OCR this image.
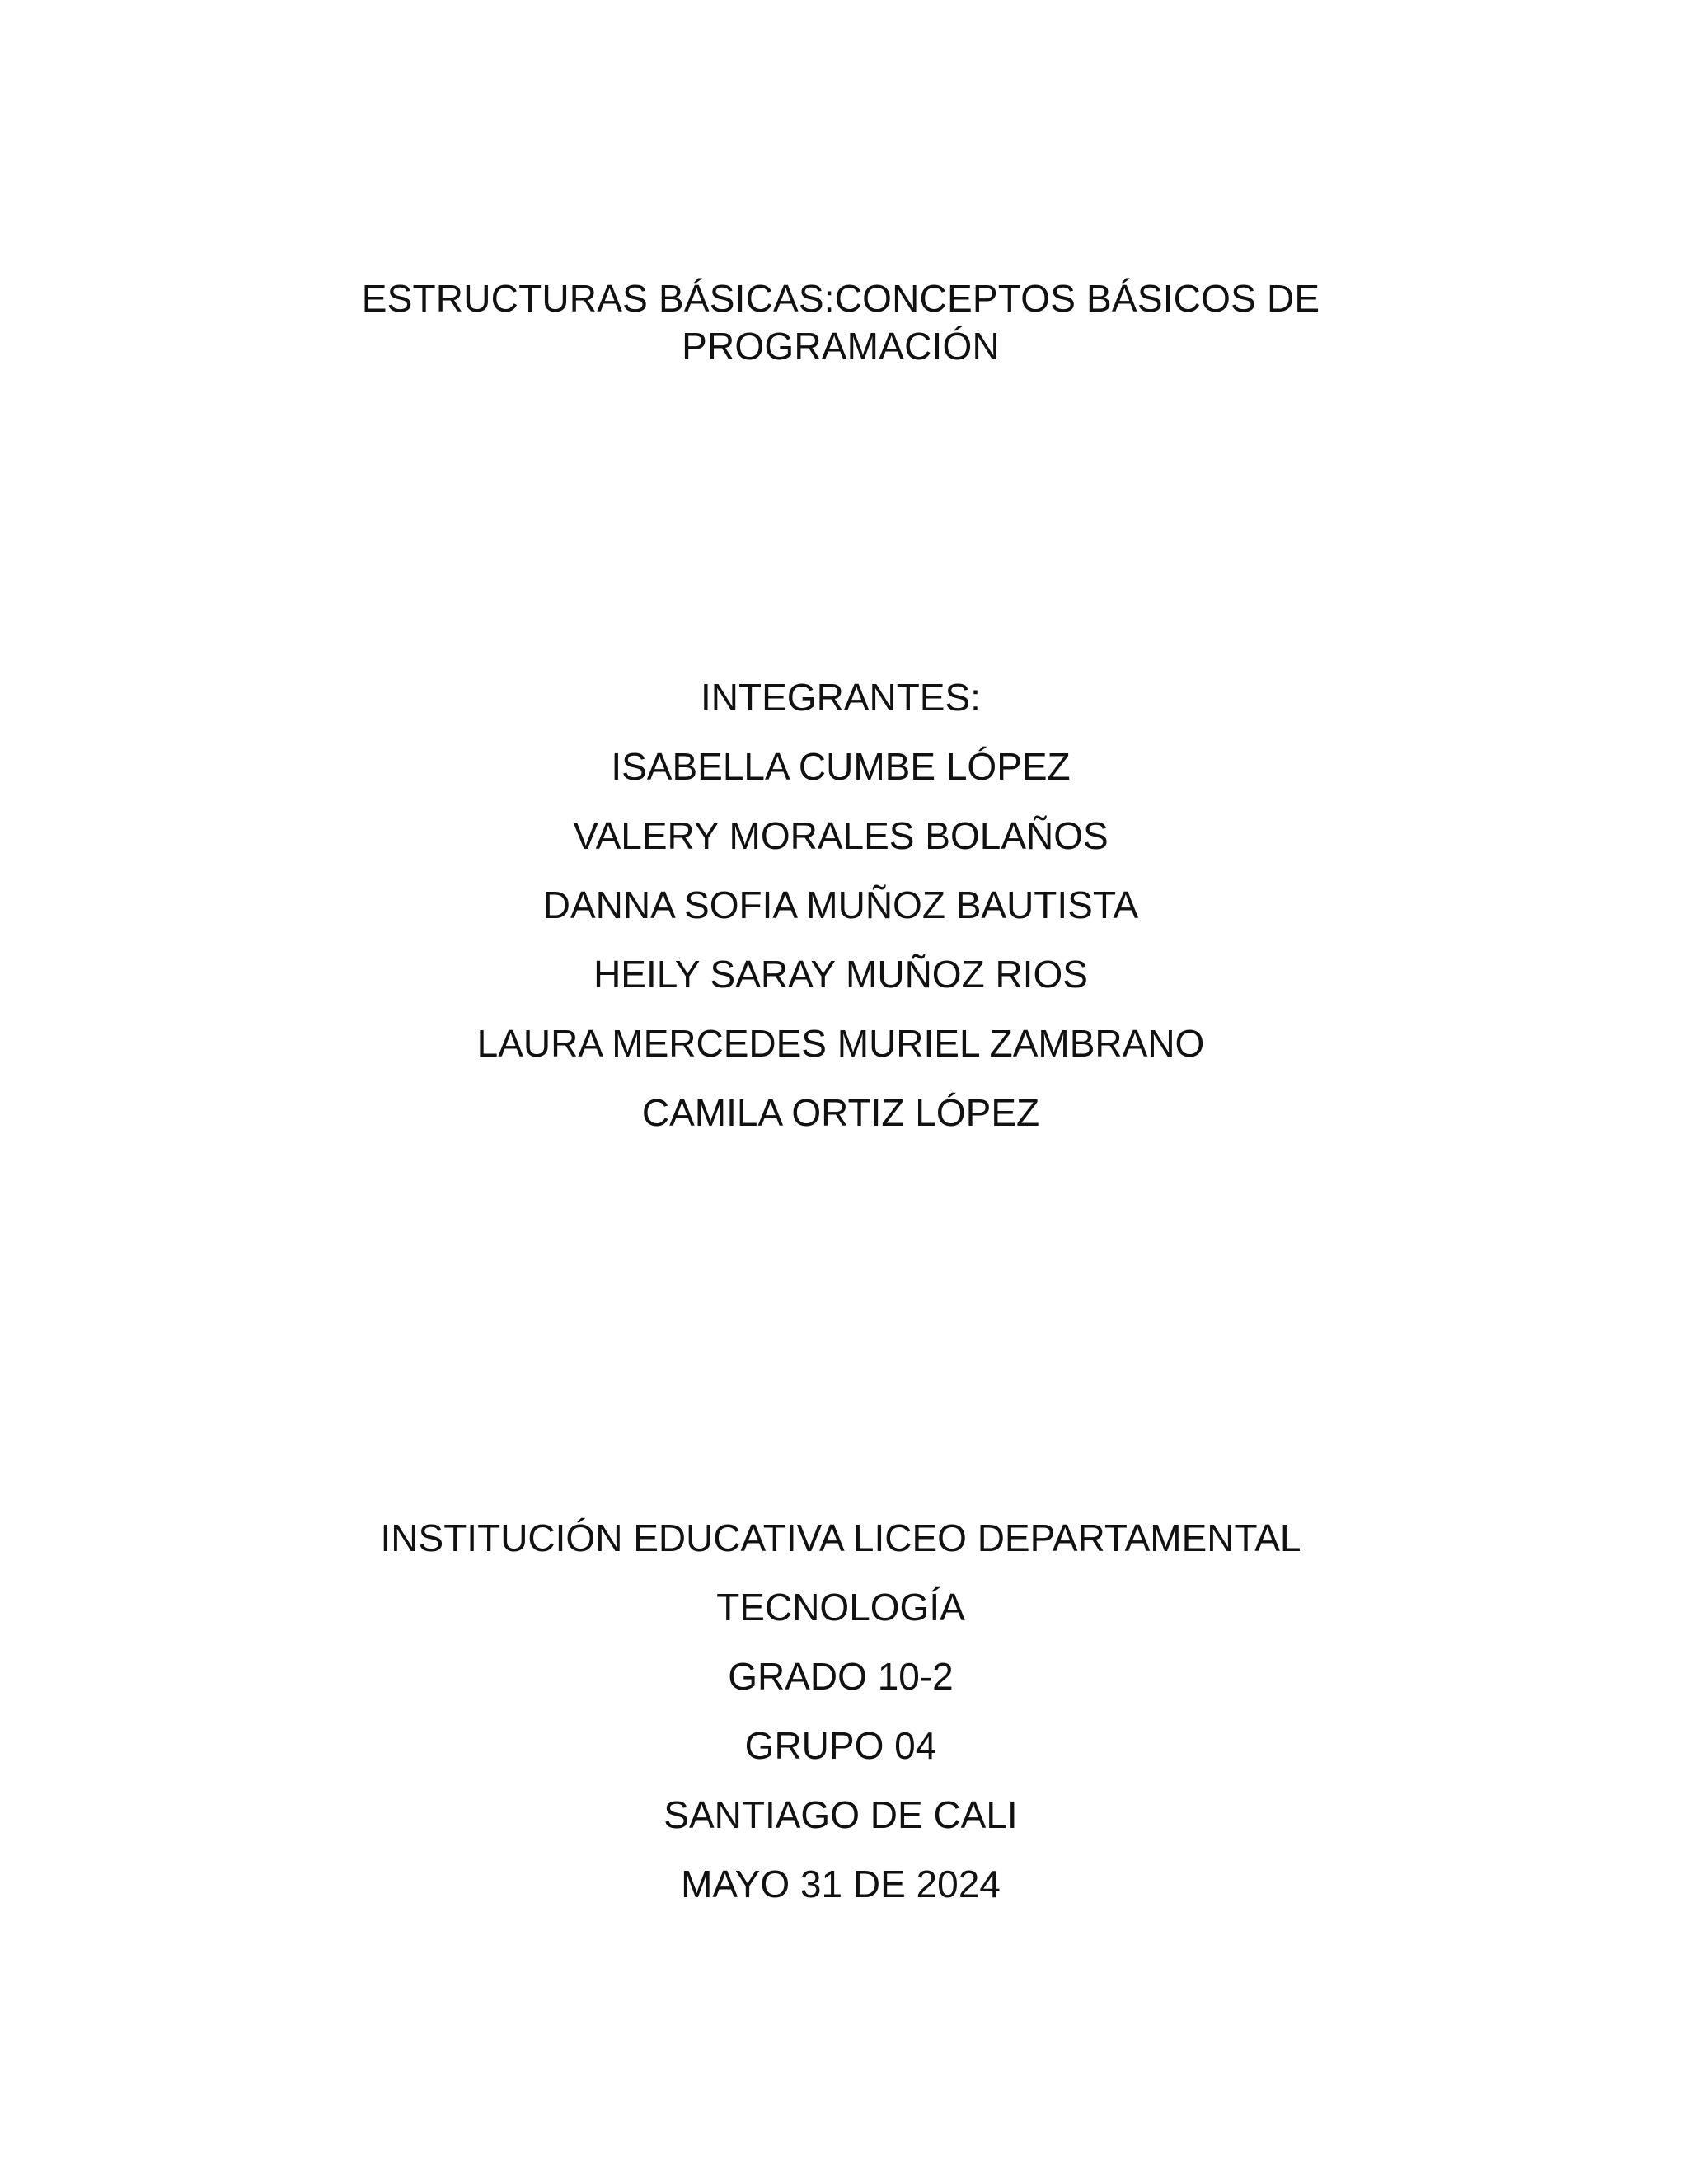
ESTRUCTURAS BÁSICAS:CONCEPTOS BÁSICOS DE
PROGRAMACIÓN
INTEGRANTES:
ISABELLA CUMBE LÓPEZ
VALERY MORALES BOLAÑOS
DANNA SOFIA MUÑOZ BAUTISTA
HEILY SARAY MUÑOZ RIOS
LAURA MERCEDES MURIEL ZAMBRANO
CAMILA ORTIZ LÓPEZ
INSTITUCIÓN EDUCATIVA LICEO DEPARTAMENTAL
TECNOLOGÍA
GRADO 10-2
GRUPO 04
SANTIAGO DE CALI
MAYO 31 DE 2024
